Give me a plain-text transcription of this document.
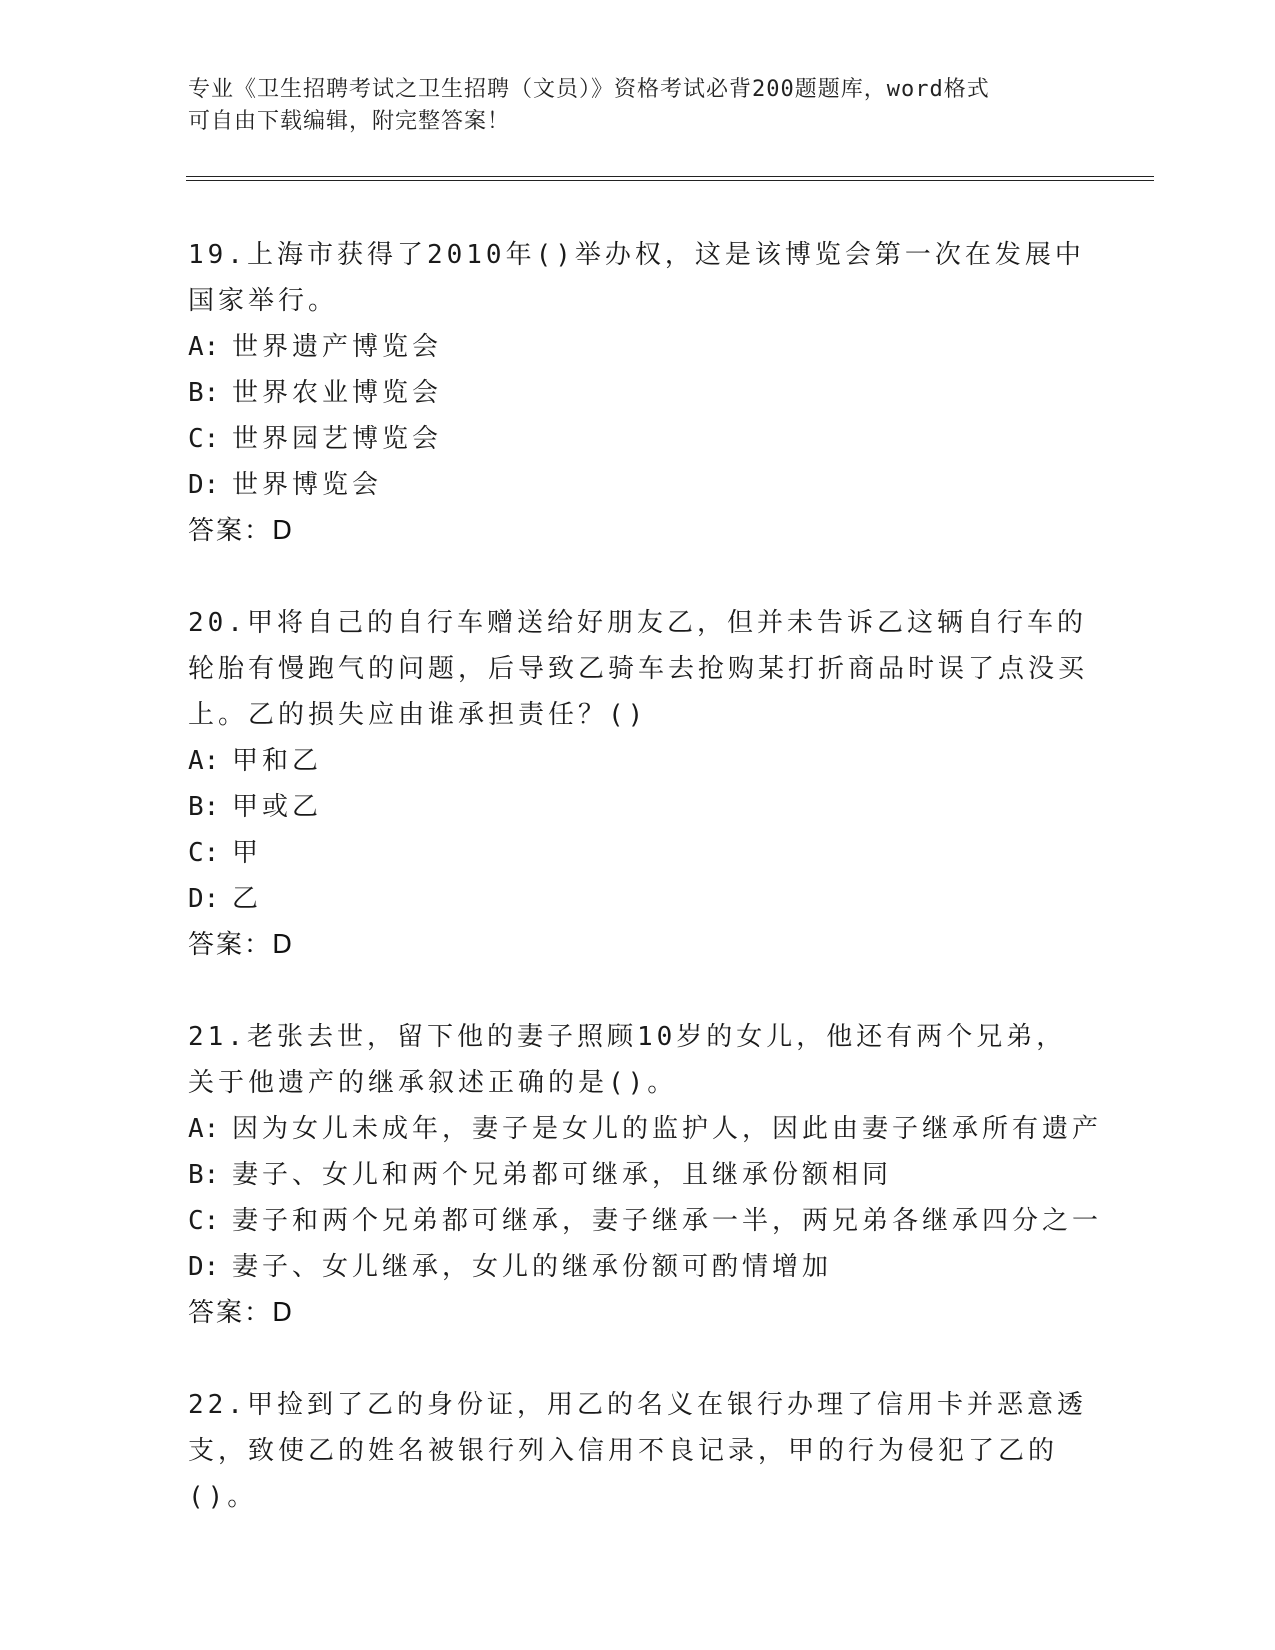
专业《卫生招聘考试之卫生招聘（文员）》资格考试必背200题题库，word格式
可自由下载编辑，附完整答案！
19.上海市获得了2010年()举办权，这是该博览会第一次在发展中国家举行。
A: 世界遗产博览会
B: 世界农业博览会
C: 世界园艺博览会
D: 世界博览会
答案：D
20.甲将自己的自行车赠送给好朋友乙，但并未告诉乙这辆自行车的轮胎有慢跑气的问题，后导致乙骑车去抢购某打折商品时误了点没买上。乙的损失应由谁承担责任？()
A: 甲和乙
B: 甲或乙
C: 甲
D: 乙
答案：D
21.老张去世，留下他的妻子照顾10岁的女儿，他还有两个兄弟，关于他遗产的继承叙述正确的是()。
A: 因为女儿未成年，妻子是女儿的监护人，因此由妻子继承所有遗产
B: 妻子、女儿和两个兄弟都可继承，且继承份额相同
C: 妻子和两个兄弟都可继承，妻子继承一半，两兄弟各继承四分之一
D: 妻子、女儿继承，女儿的继承份额可酌情增加
答案：D
22.甲捡到了乙的身份证，用乙的名义在银行办理了信用卡并恶意透支，致使乙的姓名被银行列入信用不良记录，甲的行为侵犯了乙的()。
